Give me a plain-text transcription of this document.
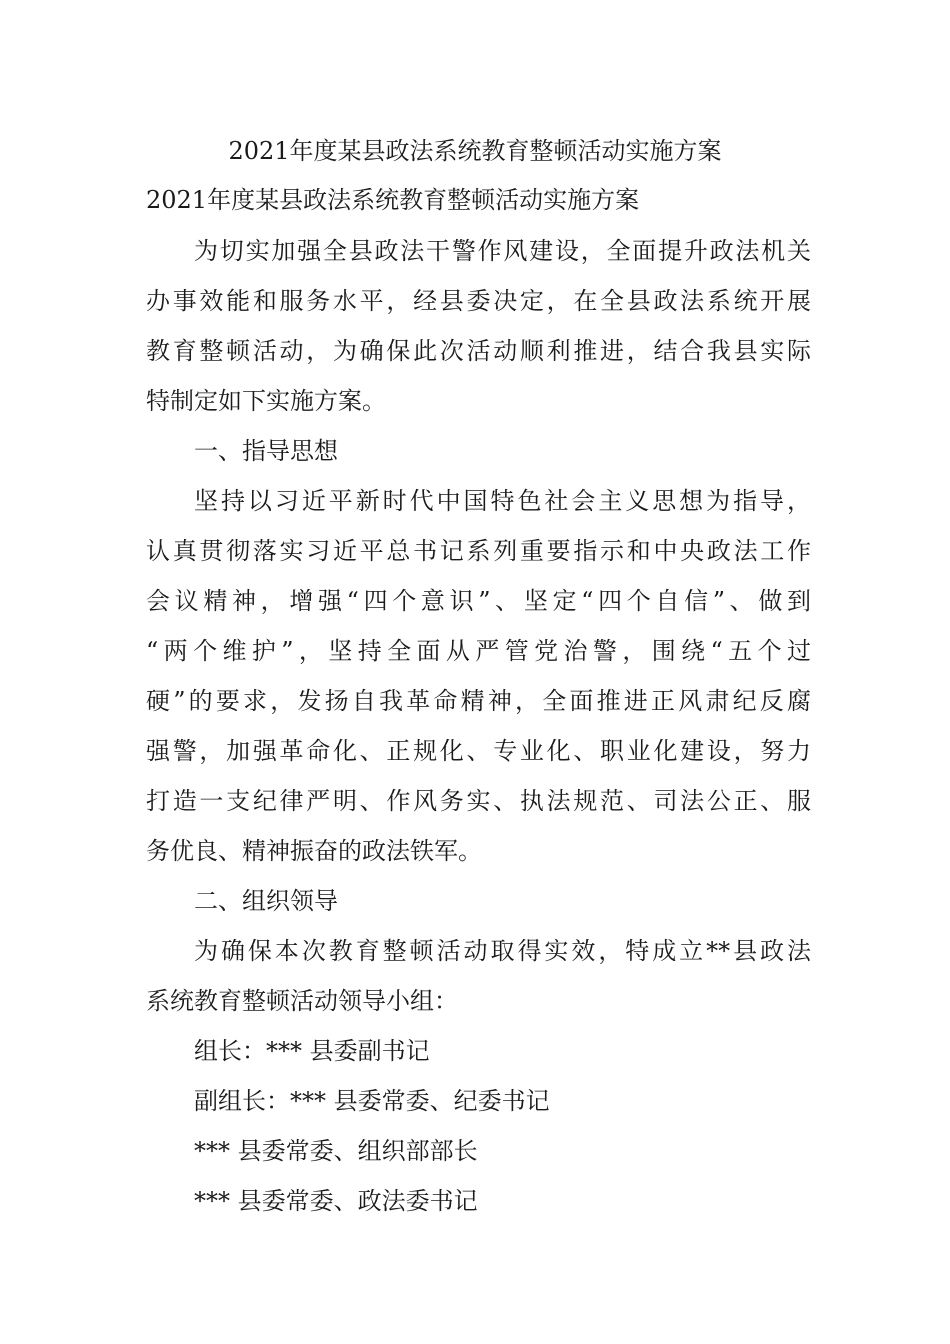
2021年度某县政法系统教育整顿活动实施方案
2021年度某县政法系统教育整顿活动实施方案
为切实加强全县政法干警作风建设，全面提升政法机关
办事效能和服务水平，经县委决定，在全县政法系统开展
教育整顿活动，为确保此次活动顺利推进，结合我县实际
特制定如下实施方案。
一、指导思想
坚持以习近平新时代中国特色社会主义思想为指导，
认真贯彻落实习近平总书记系列重要指示和中央政法工作
会议精神，增强“四个意识”、坚定“四个自信”、做到
“两个维护”，坚持全面从严管党治警，围绕“五个过
硬”的要求，发扬自我革命精神，全面推进正风肃纪反腐
强警，加强革命化、正规化、专业化、职业化建设，努力
打造一支纪律严明、作风务实、执法规范、司法公正、服
务优良、精神振奋的政法铁军。
二、组织领导
为确保本次教育整顿活动取得实效，特成立**县政法
系统教育整顿活动领导小组：
组长：*** 县委副书记
副组长：*** 县委常委、纪委书记
*** 县委常委、组织部部长
*** 县委常委、政法委书记
